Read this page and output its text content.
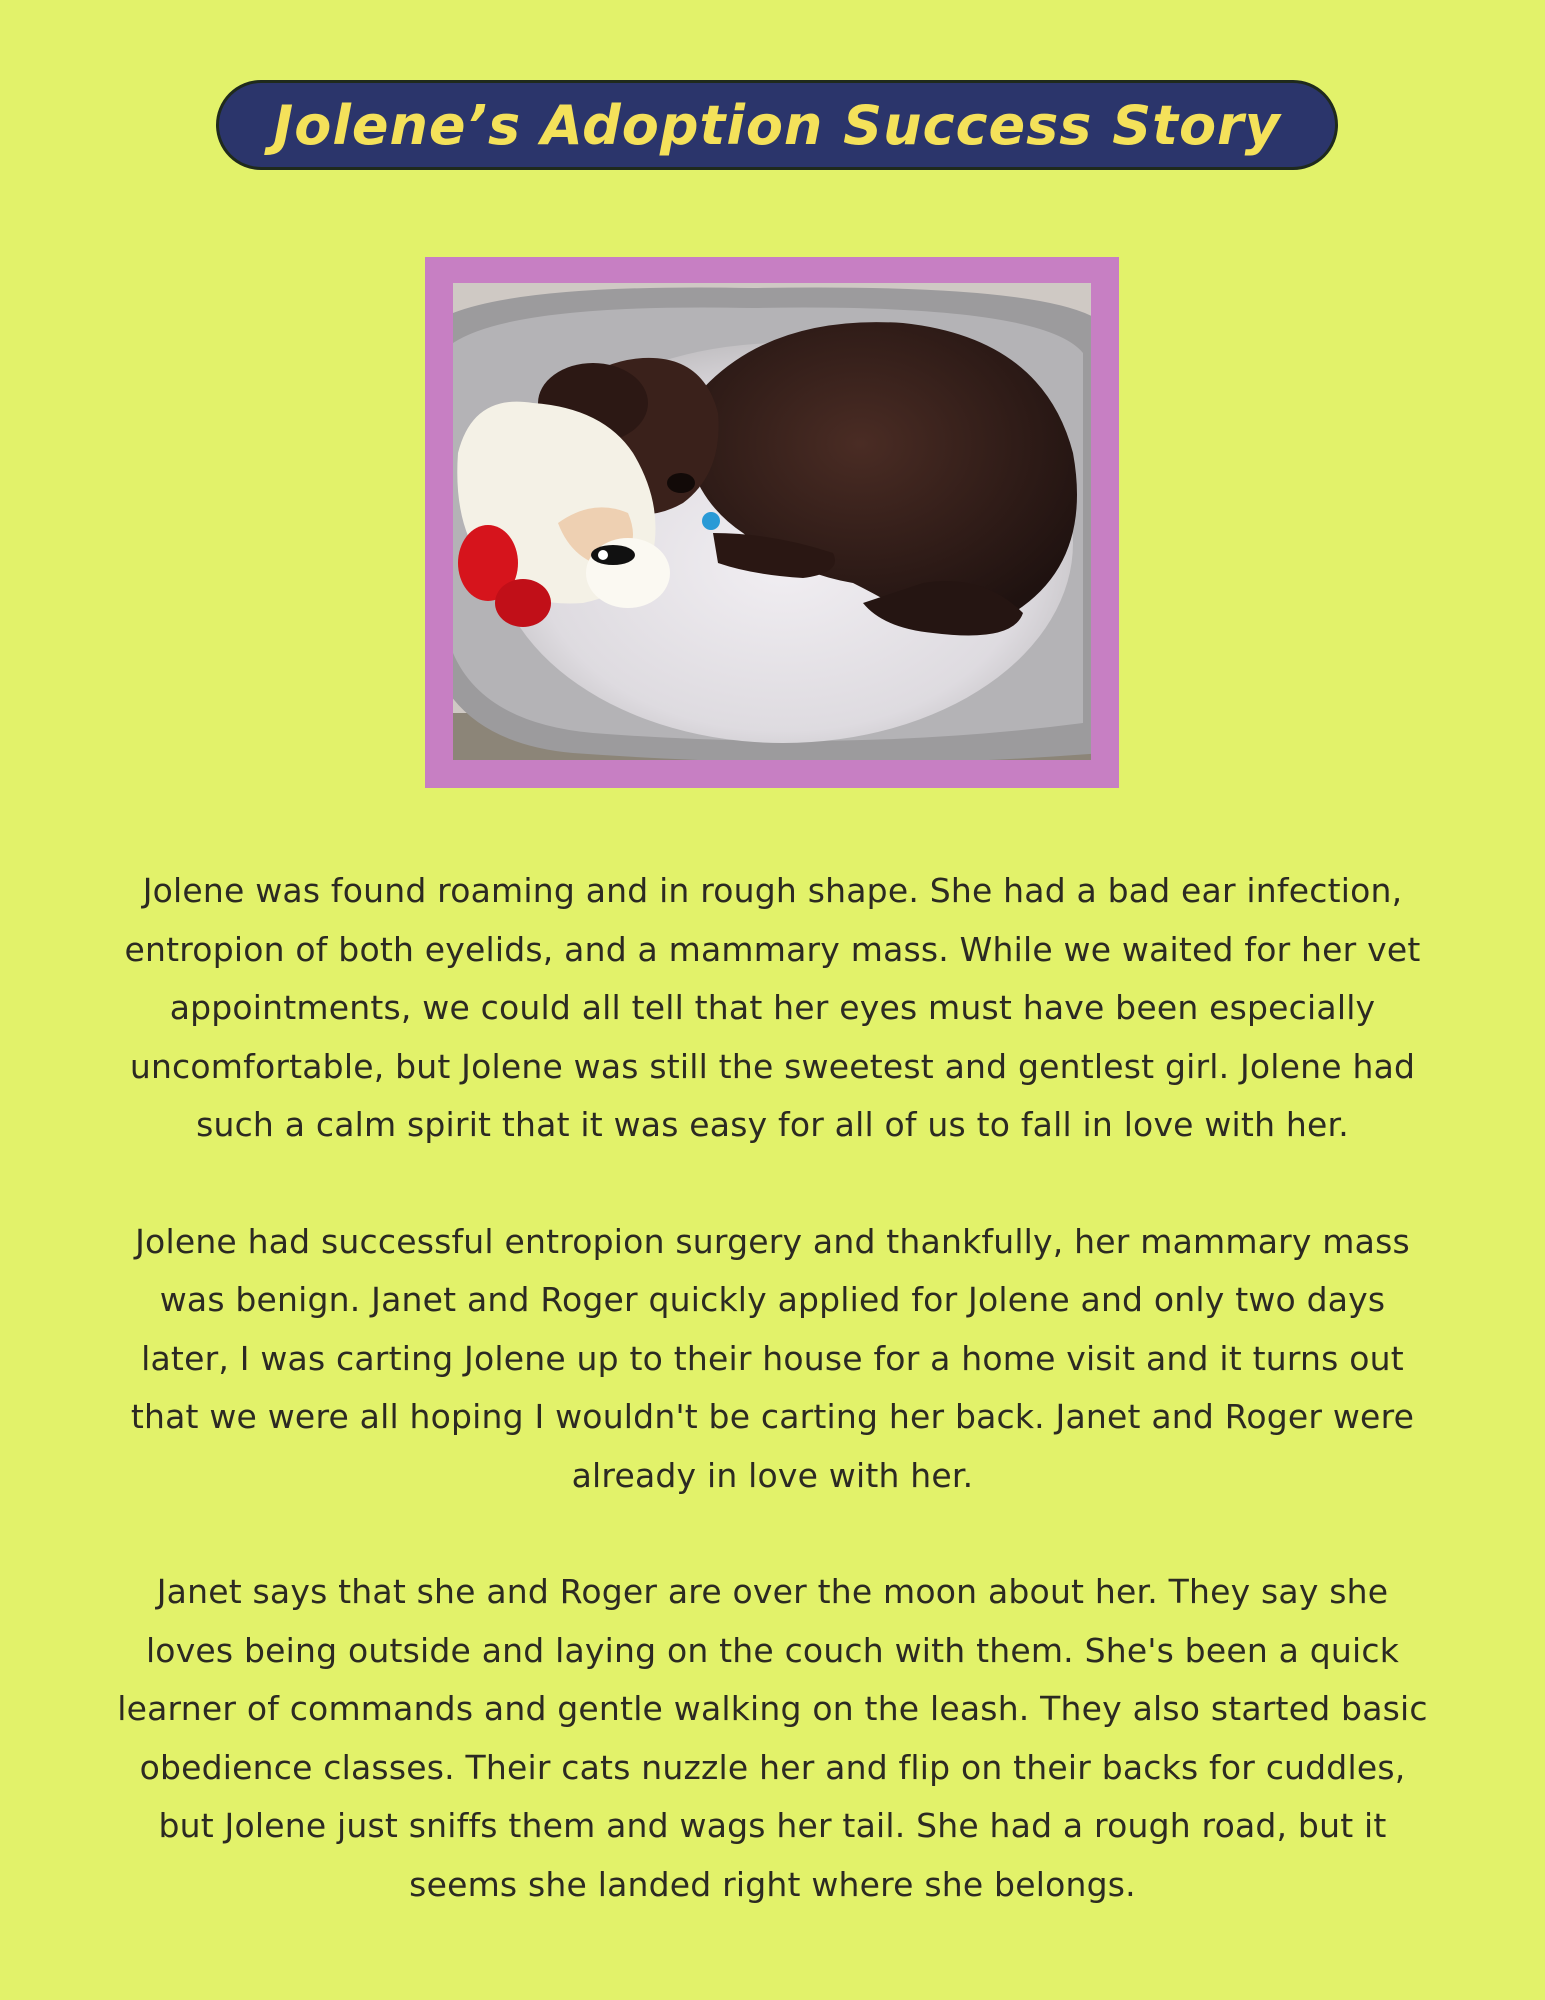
Jolene’s Adoption Success Story

Jolene was found roaming and in rough shape. She had a bad ear infection,
entropion of both eyelids, and a mammary mass. While we waited for her vet
appointments, we could all tell that her eyes must have been especially
uncomfortable, but Jolene was still the sweetest and gentlest girl. Jolene had
such a calm spirit that it was easy for all of us to fall in love with her.

Jolene had successful entropion surgery and thankfully, her mammary mass
was benign. Janet and Roger quickly applied for Jolene and only two days
later, I was carting Jolene up to their house for a home visit and it turns out
that we were all hoping I wouldn't be carting her back. Janet and Roger were
already in love with her.

Janet says that she and Roger are over the moon about her. They say she
loves being outside and laying on the couch with them. She's been a quick
learner of commands and gentle walking on the leash. They also started basic
obedience classes. Their cats nuzzle her and flip on their backs for cuddles,
but Jolene just sniffs them and wags her tail. She had a rough road, but it
seems she landed right where she belongs.
